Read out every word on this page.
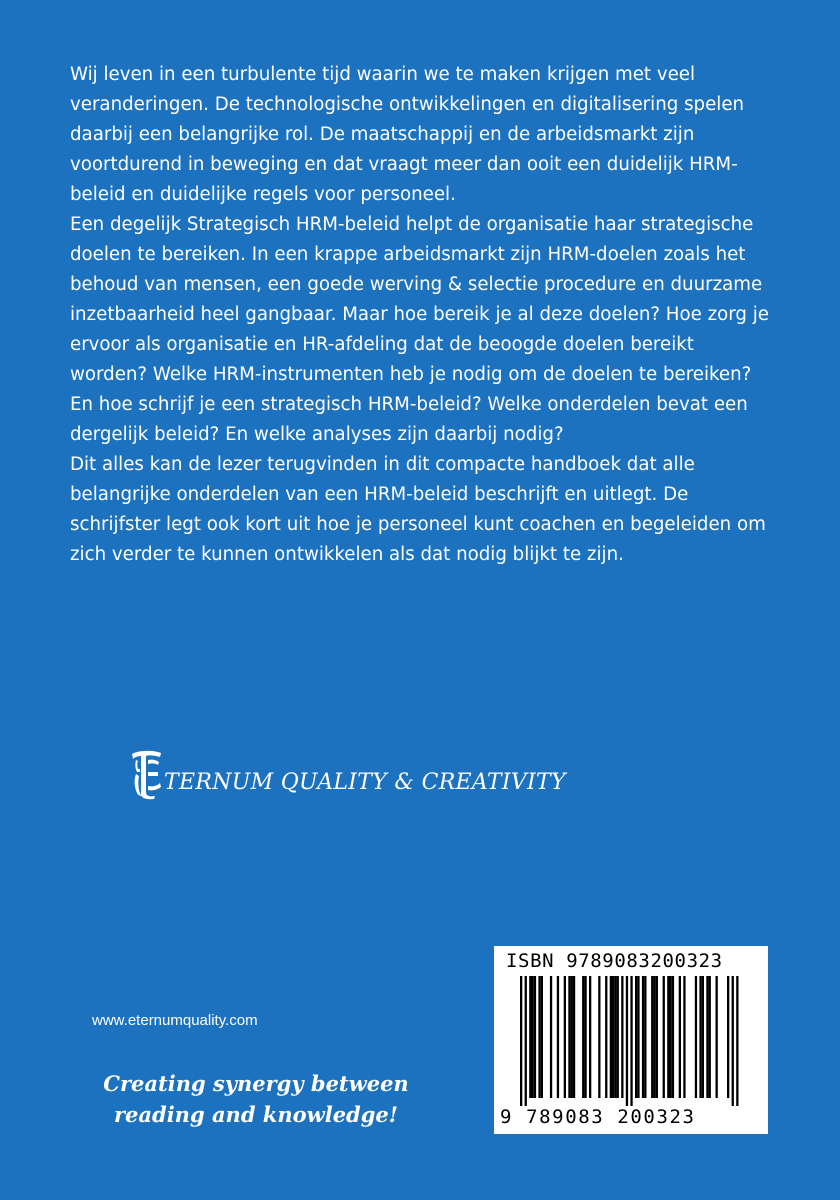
Wij leven in een turbulente tijd waarin we te maken krijgen met veel veranderingen. De technologische ontwikkelingen en digitalisering spelen daarbij een belangrijke rol. De maatschappij en de arbeidsmarkt zijn voortdurend in beweging en dat vraagt meer dan ooit een duidelijk HRM-beleid en duidelijke regels voor personeel.

Een degelijk Strategisch HRM-beleid helpt de organisatie haar strategische doelen te bereiken. In een krappe arbeidsmarkt zijn HRM-doelen zoals het behoud van mensen, een goede werving & selectie procedure en duurzame inzetbaarheid heel gangbaar. Maar hoe bereik je al deze doelen? Hoe zorg je ervoor als organisatie en HR-afdeling dat de beoogde doelen bereikt worden? Welke HRM-instrumenten heb je nodig om de doelen te bereiken? En hoe schrijf je een strategisch HRM-beleid? Welke onderdelen bevat een dergelijk beleid? En welke analyses zijn daarbij nodig?

Dit alles kan de lezer terugvinden in dit compacte handboek dat alle belangrijke onderdelen van een HRM-beleid beschrijft en uitlegt. De schrijfster legt ook kort uit hoe je personeel kunt coachen en begeleiden om zich verder te kunnen ontwikkelen als dat nodig blijkt te zijn.

TERNUM QUALITY & CREATIVITY
www.eternumquality.com
Creating synergy between reading and knowledge!
ISBN 9789083200323
9 789083 200323
